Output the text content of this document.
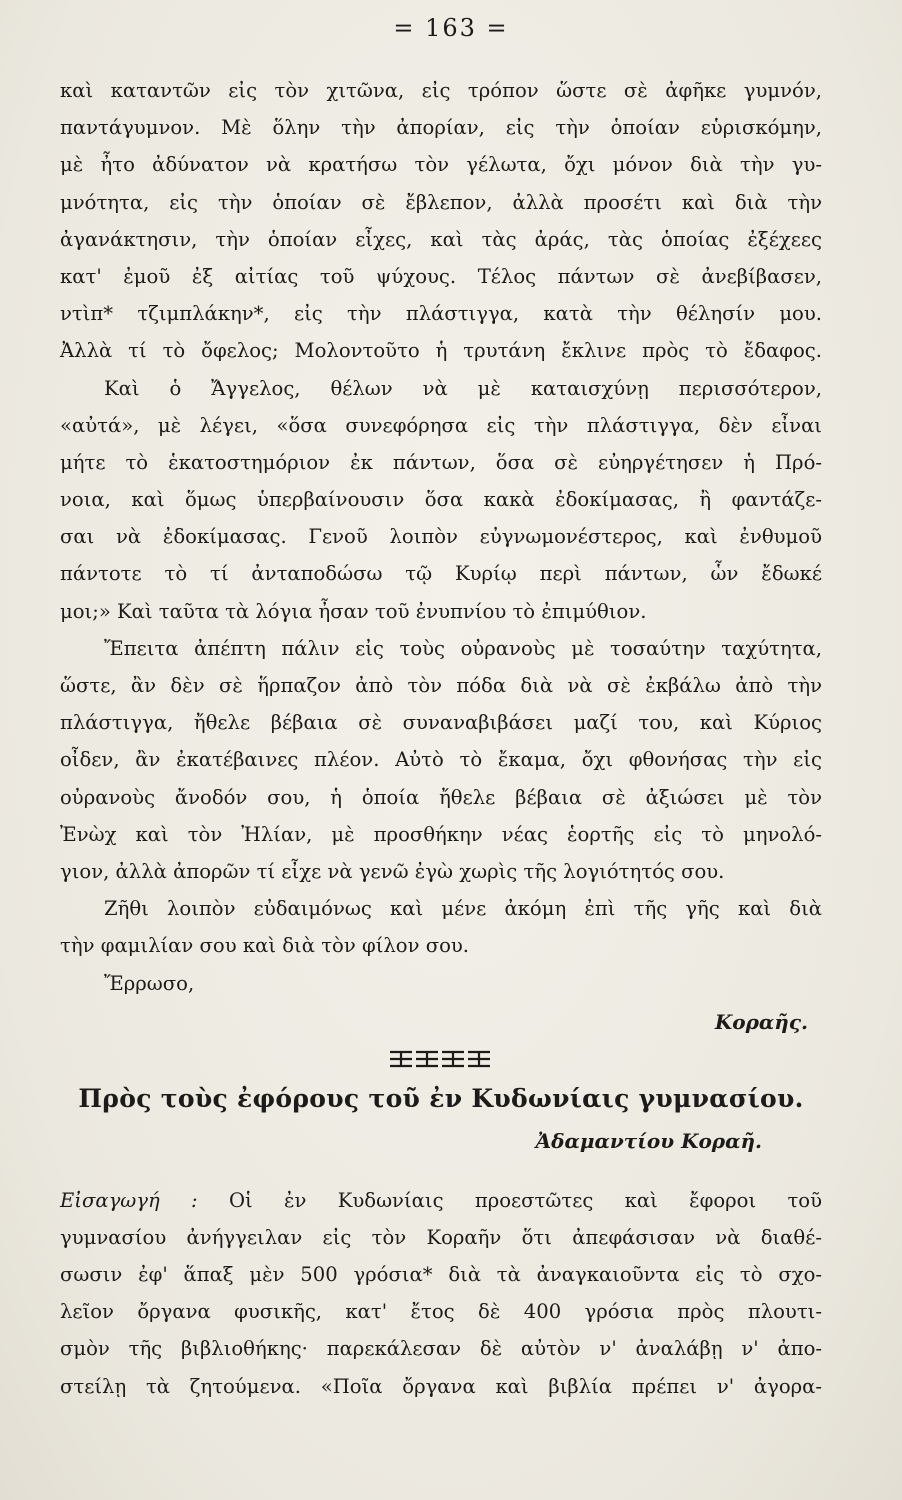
= 163 =
καὶ καταντῶν εἰς τὸν χιτῶνα, εἰς τρόπον ὥστε σὲ ἀφῆκε γυμνόν,
παντάγυμνον. Μὲ ὅλην τὴν ἀπορίαν, εἰς τὴν ὁποίαν εὑρισκόμην,
μὲ ἦτο ἀδύνατον νὰ κρατήσω τὸν γέλωτα, ὄχι μόνον διὰ τὴν γυ-
μνότητα, εἰς τὴν ὁποίαν σὲ ἔβλεπον, ἀλλὰ προσέτι καὶ διὰ τὴν
ἀγανάκτησιν, τὴν ὁποίαν εἶχες, καὶ τὰς ἀράς, τὰς ὁποίας ἐξέχεες
κατ' ἐμοῦ ἐξ αἰτίας τοῦ ψύχους. Τέλος πάντων σὲ ἀνεβίβασεν,
ντὶπ* τζιμπλάκην*, εἰς τὴν πλάστιγγα, κατὰ τὴν θέλησίν μου.
Ἀλλὰ τί τὸ ὄφελος; Μολοντοῦτο ἡ τρυτάνη ἔκλινε πρὸς τὸ ἔδαφος.
Καὶ ὁ Ἄγγελος, θέλων νὰ μὲ καταισχύνῃ περισσότερον,
«αὐτά», μὲ λέγει, «ὅσα συνεφόρησα εἰς τὴν πλάστιγγα, δὲν εἶναι
μήτε τὸ ἑκατοστημόριον ἐκ πάντων, ὅσα σὲ εὐηργέτησεν ἡ Πρό-
νοια, καὶ ὅμως ὑπερβαίνουσιν ὅσα κακὰ ἐδοκίμασας, ἢ φαντάζε-
σαι νὰ ἐδοκίμασας. Γενοῦ λοιπὸν εὐγνωμονέστερος, καὶ ἐνθυμοῦ
πάντοτε τὸ τί ἀνταποδώσω τῷ Κυρίῳ περὶ πάντων, ὧν ἔδωκέ
μοι;» Καὶ ταῦτα τὰ λόγια ἦσαν τοῦ ἐνυπνίου τὸ ἐπιμύθιον.
Ἔπειτα ἀπέπτη πάλιν εἰς τοὺς οὐρανοὺς μὲ τοσαύτην ταχύτητα,
ὥστε, ἂν δὲν σὲ ἥρπαζον ἀπὸ τὸν πόδα διὰ νὰ σὲ ἐκβάλω ἀπὸ τὴν
πλάστιγγα, ἤθελε βέβαια σὲ συναναβιβάσει μαζί του, καὶ Κύριος
οἶδεν, ἂν ἐκατέβαινες πλέον. Αὐτὸ τὸ ἔκαμα, ὄχι φθονήσας τὴν εἰς
οὐρανοὺς ἄνοδόν σου, ἡ ὁποία ἤθελε βέβαια σὲ ἀξιώσει μὲ τὸν
Ἐνὼχ καὶ τὸν Ἠλίαν, μὲ προσθήκην νέας ἑορτῆς εἰς τὸ μηνολό-
γιον, ἀλλὰ ἀπορῶν τί εἶχε νὰ γενῶ ἐγὼ χωρὶς τῆς λογιότητός σου.
Ζῆθι λοιπὸν εὐδαιμόνως καὶ μένε ἀκόμη ἐπὶ τῆς γῆς καὶ διὰ
τὴν φαμιλίαν σου καὶ διὰ τὸν φίλον σου.
Ἔρρωσο,
Κοραῆς.
Πρὸς τοὺς ἐφόρους τοῦ ἐν Κυδωνίαις γυμνασίου.
Ἀδαμαντίου Κοραῆ.
Εἰσαγωγή : Οἱ ἐν Κυδωνίαις προεστῶτες καὶ ἔφοροι τοῦ
γυμνασίου ἀνήγγειλαν εἰς τὸν Κοραῆν ὅτι ἀπεφάσισαν νὰ διαθέ-
σωσιν ἐφ' ἅπαξ μὲν 500 γρόσια* διὰ τὰ ἀναγκαιοῦντα εἰς τὸ σχο-
λεῖον ὄργανα φυσικῆς, κατ' ἔτος δὲ 400 γρόσια πρὸς πλουτι-
σμὸν τῆς βιβλιοθήκης· παρεκάλεσαν δὲ αὐτὸν ν' ἀναλάβῃ ν' ἀπο-
στείλῃ τὰ ζητούμενα. «Ποῖα ὄργανα καὶ βιβλία πρέπει ν' ἀγορα-
